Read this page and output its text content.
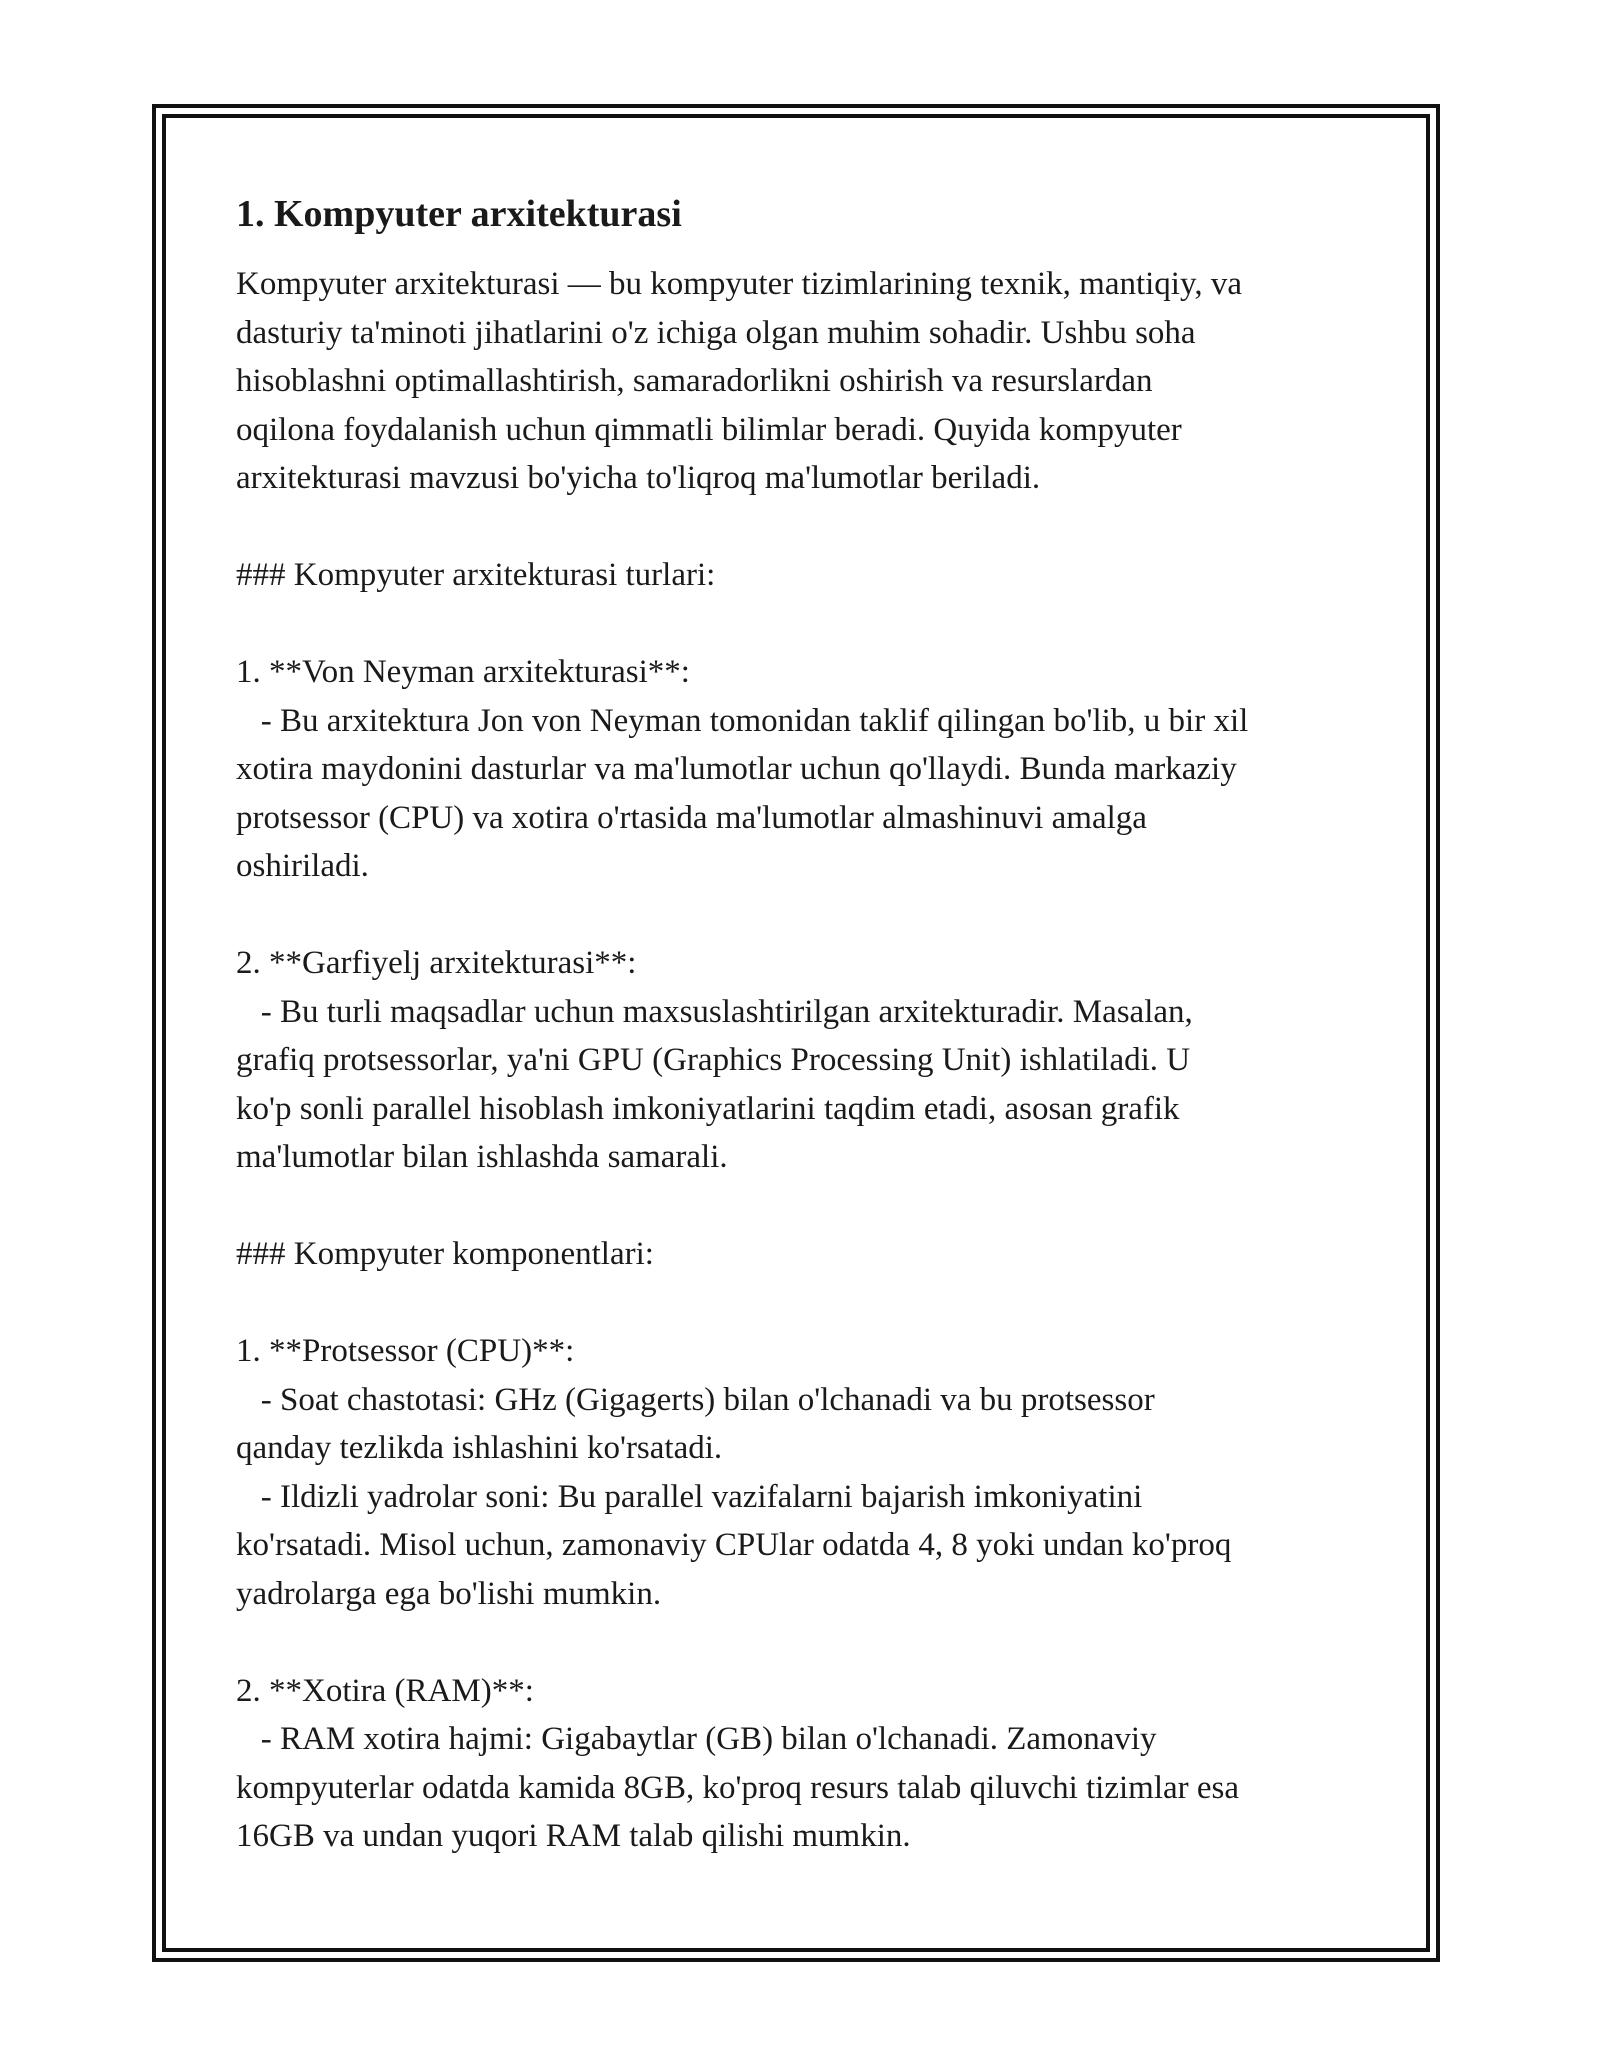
1. Kompyuter arxitekturasi
Kompyuter arxitekturasi — bu kompyuter tizimlarining texnik, mantiqiy, va
dasturiy ta'minoti jihatlarini o'z ichiga olgan muhim sohadir. Ushbu soha
hisoblashni optimallashtirish, samaradorlikni oshirish va resurslardan
oqilona foydalanish uchun qimmatli bilimlar beradi. Quyida kompyuter
arxitekturasi mavzusi bo'yicha to'liqroq ma'lumotlar beriladi.
### Kompyuter arxitekturasi turlari:
1. **Von Neyman arxitekturasi**:
- Bu arxitektura Jon von Neyman tomonidan taklif qilingan bo'lib, u bir xil
xotira maydonini dasturlar va ma'lumotlar uchun qo'llaydi. Bunda markaziy
protsessor (CPU) va xotira o'rtasida ma'lumotlar almashinuvi amalga
oshiriladi.
2. **Garfiyelj arxitekturasi**:
- Bu turli maqsadlar uchun maxsuslashtirilgan arxitekturadir. Masalan,
grafiq protsessorlar, ya'ni GPU (Graphics Processing Unit) ishlatiladi. U
ko'p sonli parallel hisoblash imkoniyatlarini taqdim etadi, asosan grafik
ma'lumotlar bilan ishlashda samarali.
### Kompyuter komponentlari:
1. **Protsessor (CPU)**:
- Soat chastotasi: GHz (Gigagerts) bilan o'lchanadi va bu protsessor
qanday tezlikda ishlashini ko'rsatadi.
- Ildizli yadrolar soni: Bu parallel vazifalarni bajarish imkoniyatini
ko'rsatadi. Misol uchun, zamonaviy CPUlar odatda 4, 8 yoki undan ko'proq
yadrolarga ega bo'lishi mumkin.
2. **Xotira (RAM)**:
- RAM xotira hajmi: Gigabaytlar (GB) bilan o'lchanadi. Zamonaviy
kompyuterlar odatda kamida 8GB, ko'proq resurs talab qiluvchi tizimlar esa
16GB va undan yuqori RAM talab qilishi mumkin.
